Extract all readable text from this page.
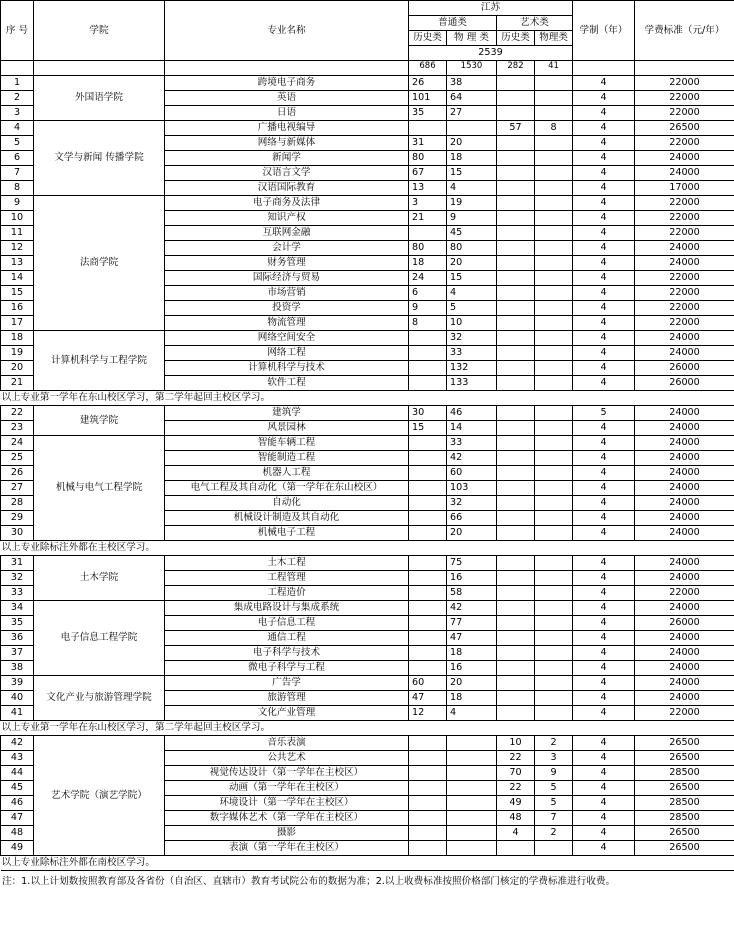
序 号	学院	专业名称	江苏				学制（年）	学费标准（元/年）
			普通类		艺术类			
			历史类	物 理 类	历史类	物理类		
			2539					
			686	1530	282	41		
1	外国语学院	跨境电子商务	26	38			4	22000
2		英语	101	64			4	22000
3		日语	35	27			4	22000
4	文学与新闻 传播学院	广播电视编导			57	8	4	26500
5		网络与新媒体	31	20			4	22000
6		新闻学	80	18			4	24000
7		汉语言文学	67	15			4	24000
8		汉语国际教育	13	4			4	17000
9	法商学院	电子商务及法律	3	19			4	22000
10		知识产权	21	9			4	22000
11		互联网金融		45			4	22000
12		会计学	80	80			4	24000
13		财务管理	18	20			4	24000
14		国际经济与贸易	24	15			4	22000
15		市场营销	6	4			4	22000
16		投资学	9	5			4	22000
17		物流管理	8	10			4	22000
18	计算机科学与工程学院	网络空间安全		32			4	24000
19		网络工程		33			4	24000
20		计算机科学与技术		132			4	26000
21		软件工程		133			4	26000
以上专业第一学年在东山校区学习，第二学年起回主校区学习。								
22	建筑学院	建筑学	30	46			5	24000
23		风景园林	15	14			4	24000
24	机械与电气工程学院	智能车辆工程		33			4	24000
25		智能制造工程		42			4	24000
26		机器人工程		60			4	24000
27		电气工程及其自动化（第一学年在东山校区）		103			4	24000
28		自动化		32			4	24000
29		机械设计制造及其自动化		66			4	24000
30		机械电子工程		20			4	24000
以上专业除标注外都在主校区学习。								
31	土木学院	土木工程		75			4	24000
32		工程管理		16			4	24000
33		工程造价		58			4	22000
34	电子信息工程学院	集成电路设计与集成系统		42			4	24000
35		电子信息工程		77			4	26000
36		通信工程		47			4	24000
37		电子科学与技术		18			4	24000
38		微电子科学与工程		16			4	24000
39	文化产业与旅游管理学院	广告学	60	20			4	24000
40		旅游管理	47	18			4	24000
41		文化产业管理	12	4			4	22000
以上专业第一学年在东山校区学习，第二学年起回主校区学习。								
42	艺术学院（演艺学院）	音乐表演			10	2	4	26500
43		公共艺术			22	3	4	26500
44		视觉传达设计（第一学年在主校区）			70	9	4	28500
45		动画（第一学年在主校区）			22	5	4	26500
46		环境设计（第一学年在主校区）			49	5	4	28500
47		数字媒体艺术（第一学年在主校区）			48	7	4	28500
48		摄影			4	2	4	26500
49		表演（第一学年在主校区）					4	26500
以上专业除标注外都在南校区学习。								
注：1.以上计划数按照教育部及各省份（自治区、直辖市）教育考试院公布的数据为准；2.以上收费标准按照价格部门核定的学费标准进行收费。
